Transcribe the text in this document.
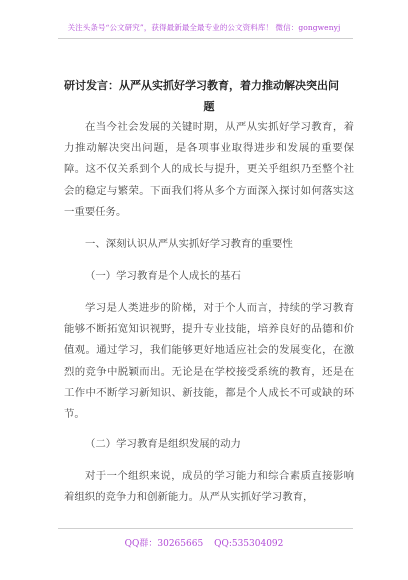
关注头条号“公文研究”，获得最新最全最专业的公文资料库！ 微信：gongwenyj
研讨发言：从严从实抓好学习教育，着力推动解决突出问
题

在当今社会发展的关键时期，从严从实抓好学习教育，着力推动解决突出问题，是各项事业取得进步和发展的重要保障。这不仅关系到个人的成长与提升，更关乎组织乃至整个社会的稳定与繁荣。下面我们将从多个方面深入探讨如何落实这一重要任务。

一、深刻认识从严从实抓好学习教育的重要性
（一）学习教育是个人成长的基石

学习是人类进步的阶梯，对于个人而言，持续的学习教育能够不断拓宽知识视野，提升专业技能，培养良好的品德和价值观。通过学习，我们能够更好地适应社会的发展变化，在激烈的竞争中脱颖而出。无论是在学校接受系统的教育，还是在工作中不断学习新知识、新技能，都是个人成长不可或缺的环节。

（二）学习教育是组织发展的动力

对于一个组织来说，成员的学习能力和综合素质直接影响着组织的竞争力和创新能力。从严从实抓好学习教育，

QQ群：30265665 QQ:535304092
